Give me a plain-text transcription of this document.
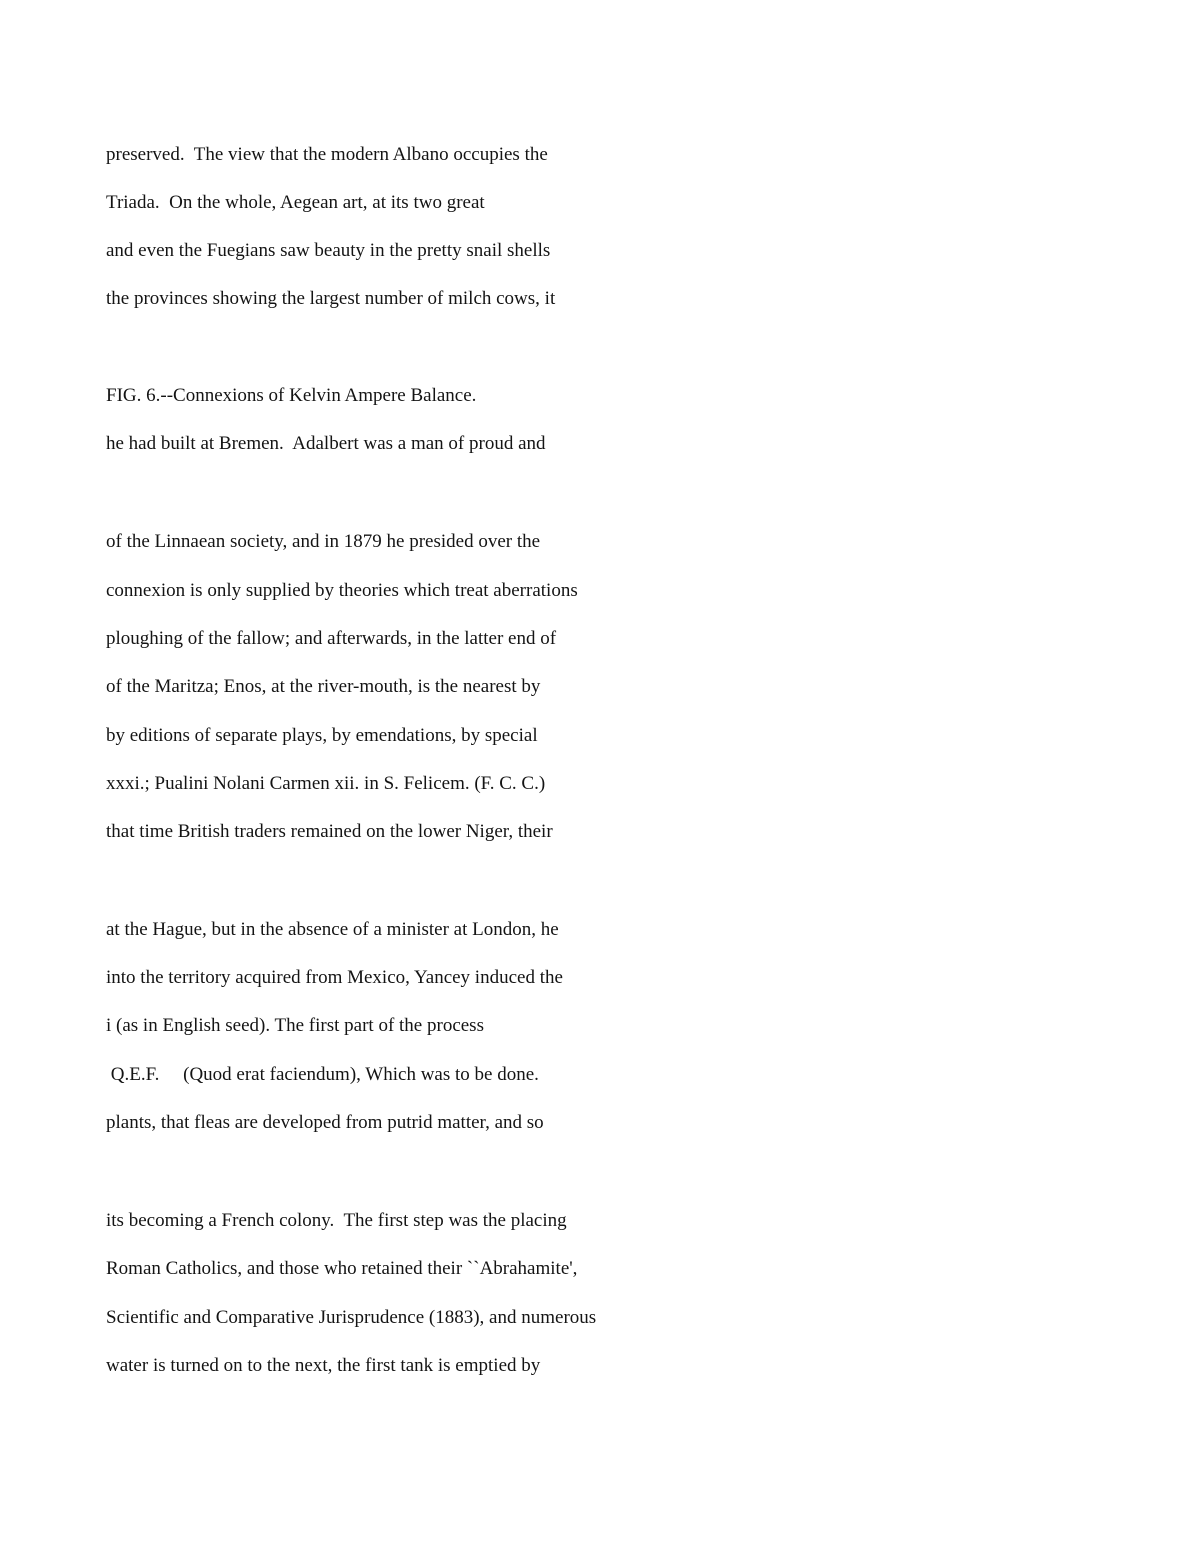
preserved.  The view that the modern Albano occupies the

Triada.  On the whole, Aegean art, at its two great

and even the Fuegians saw beauty in the pretty snail shells

the provinces showing the largest number of milch cows, it

FIG. 6.--Connexions of Kelvin Ampere Balance.

he had built at Bremen.  Adalbert was a man of proud and

of the Linnaean society, and in 1879 he presided over the

connexion is only supplied by theories which treat aberrations

ploughing of the fallow; and afterwards, in the latter end of

of the Maritza; Enos, at the river-mouth, is the nearest by

by editions of separate plays, by emendations, by special

xxxi.; Pualini Nolani Carmen xii. in S. Felicem. (F. C. C.)

that time British traders remained on the lower Niger, their

at the Hague, but in the absence of a minister at London, he

into the territory acquired from Mexico, Yancey induced the

i (as in English seed). The first part of the process

Q.E.F.     (Quod erat faciendum), Which was to be done.

plants, that fleas are developed from putrid matter, and so

its becoming a French colony.  The first step was the placing

Roman Catholics, and those who retained their ``Abrahamite',

Scientific and Comparative Jurisprudence (1883), and numerous

water is turned on to the next, the first tank is emptied by
